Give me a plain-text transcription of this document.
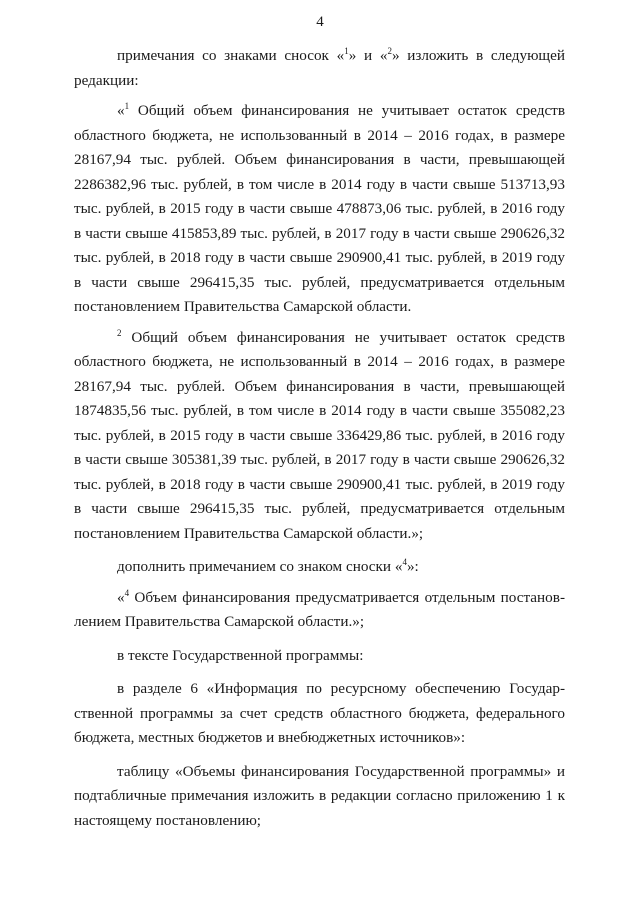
4

примечания со знаками сносок «$^1$» и «$^2$» изложить в следующей редакции:

«$^1$ Общий объем финансирования не учитывает остаток средств областного бюджета, не использованный в 2014 – 2016 годах, в размере 28167,94 тыс. рублей. Объем финансирования в части, превышающей 2286382,96 тыс. рублей, в том числе в 2014 году в части свыше 513713,93 тыс. рублей, в 2015 году в части свыше 478873,06 тыс. рублей, в 2016 году в части свыше 415853,89 тыс. рублей, в 2017 году в части свыше 290626,32 тыс. рублей, в 2018 году в части свыше 290900,41 тыс. рублей, в 2019 году в части свыше 296415,35 тыс. рублей, предусматривается отдельным постановлением Правительства Самарской области.

$^2$ Общий объем финансирования не учитывает остаток средств областного бюджета, не использованный в 2014 – 2016 годах, в размере 28167,94 тыс. рублей. Объем финансирования в части, превышающей 1874835,56 тыс. рублей, в том числе в 2014 году в части свыше 355082,23 тыс. рублей, в 2015 году в части свыше 336429,86 тыс. рублей, в 2016 году в части свыше 305381,39 тыс. рублей, в 2017 году в части свыше 290626,32 тыс. рублей, в 2018 году в части свыше 290900,41 тыс. рублей, в 2019 году в части свыше 296415,35 тыс. рублей, предусматривается отдельным постановлением Правительства Самарской области.»;

дополнить примечанием со знаком сноски «$^4$»:

«$^4$ Объем финансирования предусматривается отдельным постановлением Правительства Самарской области.»;

в тексте Государственной программы:

в разделе 6 «Информация по ресурсному обеспечению Государственной программы за счет средств областного бюджета, федерального бюджета, местных бюджетов и внебюджетных источников»:

таблицу «Объемы финансирования Государственной программы» и подтабличные примечания изложить в редакции согласно приложению 1 к настоящему постановлению;
